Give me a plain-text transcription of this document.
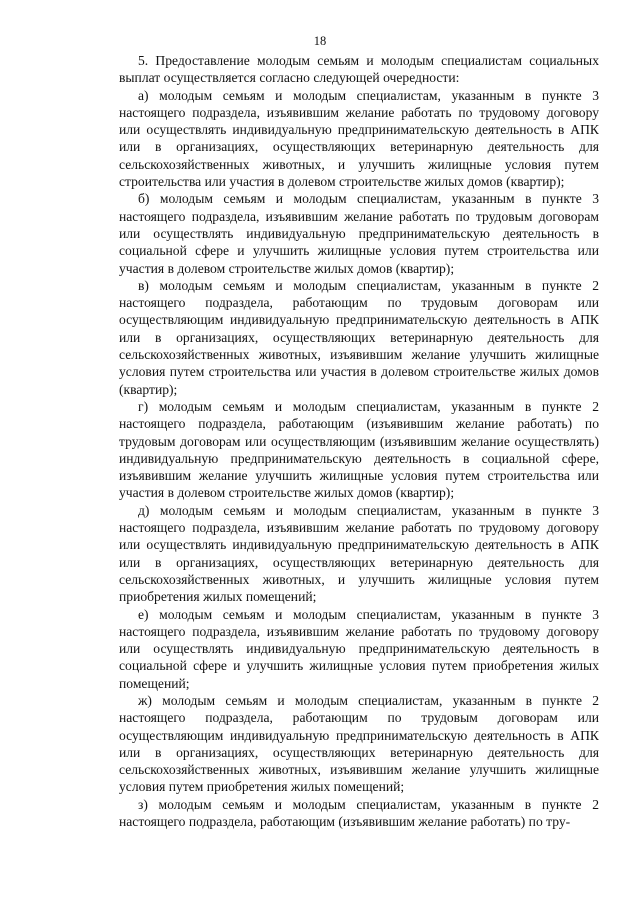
18

5. Предоставление молодым семьям и молодым специалистам социальных выплат осуществляется согласно следующей очередности:

а) молодым семьям и молодым специалистам, указанным в пункте 3 настоящего подраздела, изъявившим желание работать по трудовому договору или осуществлять индивидуальную предпринимательскую деятельность в АПК или в организациях, осуществляющих ветеринарную деятельность для сельскохозяйственных животных, и улучшить жилищные условия путем строительства или участия в долевом строительстве жилых домов (квартир);

б) молодым семьям и молодым специалистам, указанным в пункте 3 настоящего подраздела, изъявившим желание работать по трудовым договорам или осуществлять индивидуальную предпринимательскую деятельность в социальной сфере и улучшить жилищные условия путем строительства или участия в долевом строительстве жилых домов (квартир);

в) молодым семьям и молодым специалистам, указанным в пункте 2 настоящего подраздела, работающим по трудовым договорам или осуществляющим индивидуальную предпринимательскую деятельность в АПК или в организациях, осуществляющих ветеринарную деятельность для сельскохозяйственных животных, изъявившим желание улучшить жилищные условия путем строительства или участия в долевом строительстве жилых домов (квартир);

г) молодым семьям и молодым специалистам, указанным в пункте 2 настоящего подраздела, работающим (изъявившим желание работать) по трудовым договорам или осуществляющим (изъявившим желание осуществлять) индивидуальную предпринимательскую деятельность в социальной сфере, изъявившим желание улучшить жилищные условия путем строительства или участия в долевом строительстве жилых домов (квартир);

д) молодым семьям и молодым специалистам, указанным в пункте 3 настоящего подраздела, изъявившим желание работать по трудовому договору или осуществлять индивидуальную предпринимательскую деятельность в АПК или в организациях, осуществляющих ветеринарную деятельность для сельскохозяйственных животных, и улучшить жилищные условия путем приобретения жилых помещений;

е) молодым семьям и молодым специалистам, указанным в пункте 3 настоящего подраздела, изъявившим желание работать по трудовому договору или осуществлять индивидуальную предпринимательскую деятельность в социальной сфере и улучшить жилищные условия путем приобретения жилых помещений;

ж) молодым семьям и молодым специалистам, указанным в пункте 2 настоящего подраздела, работающим по трудовым договорам или осуществляющим индивидуальную предпринимательскую деятельность в АПК или в организациях, осуществляющих ветеринарную деятельность для сельскохозяйственных животных, изъявившим желание улучшить жилищные условия путем приобретения жилых помещений;

з) молодым семьям и молодым специалистам, указанным в пункте 2 настоящего подраздела, работающим (изъявившим желание работать) по тру-
